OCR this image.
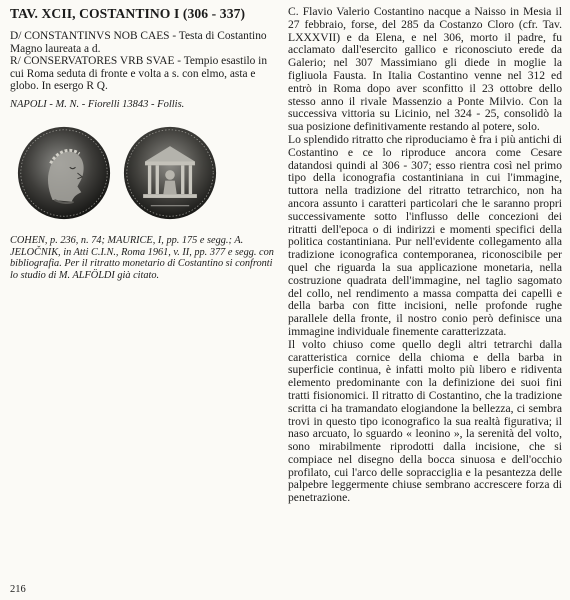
TAV. XCII, COSTANTINO I (306 - 337)

D/ CONSTANTINVS NOB CAES - Testa di Costantino Magno laureata a d.

R/ CONSERVATORES VRB SVAE - Tempio esastilo in cui Roma seduta di fronte e volta a s. con elmo, asta e globo. In esergo R Q.

NAPOLI - M. N. - Fiorelli 13843 - Follis.

COHEN, p. 236, n. 74; MAURICE, I, pp. 175 e segg.; A. JELOČNIK, in Atti C.I.N., Roma 1961, v. II, pp. 377 e segg. con bibliografia. Per il ritratto monetario di Costantino si confronti lo studio di M. ALFÖLDI già citato.

C. Flavio Valerio Costantino nacque a Naisso in Mesia il 27 febbraio, forse, del 285 da Costanzo Cloro (cfr. Tav. LXXXVII) e da Elena, e nel 306, morto il padre, fu acclamato dall'esercito gallico e riconosciuto erede da Galerio; nel 307 Massimiano gli diede in moglie la figliuola Fausta. In Italia Costantino venne nel 312 ed entrò in Roma dopo aver sconfitto il 23 ottobre dello stesso anno il rivale Massenzio a Ponte Milvio. Con la successiva vittoria su Licinio, nel 324 - 25, consolidò la sua posizione definitivamente restando al potere, solo.

Lo splendido ritratto che riproduciamo è fra i più antichi di Costantino e ce lo riproduce ancora come Cesare datandosi quindi al 306 - 307; esso rientra così nel primo tipo della iconografia costantiniana in cui l'immagine, tuttora nella tradizione del ritratto tetrarchico, non ha ancora assunto i caratteri particolari che le saranno propri successivamente sotto l'influsso delle concezioni dei ritratti dell'epoca o di indirizzi e momenti specifici della politica costantiniana. Pur nell'evidente collegamento alla tradizione iconografica contemporanea, riconoscibile per quel che riguarda la sua applicazione monetaria, nella costruzione quadrata dell'immagine, nel taglio sagomato del collo, nel rendimento a massa compatta dei capelli e della barba con fitte incisioni, nelle profonde rughe parallele della fronte, il nostro conio però definisce una immagine individuale finemente caratterizzata.

Il volto chiuso come quello degli altri tetrarchi dalla caratteristica cornice della chioma e della barba in superficie continua, è infatti molto più libero e ridiventa elemento predominante con la definizione dei suoi fini tratti fisionomici. Il ritratto di Costantino, che la tradizione scritta ci ha tramandato elogiandone la bellezza, ci sembra trovi in questo tipo iconografico la sua realtà figurativa; il naso arcuato, lo sguardo « leonino », la serenità del volto, sono mirabilmente riprodotti dalla incisione, che si compiace nel disegno della bocca sinuosa e dell'occhio profilato, cui l'arco delle sopracciglia e la pesantezza delle palpebre leggermente chiuse sembrano accrescere forza di penetrazione.

216
